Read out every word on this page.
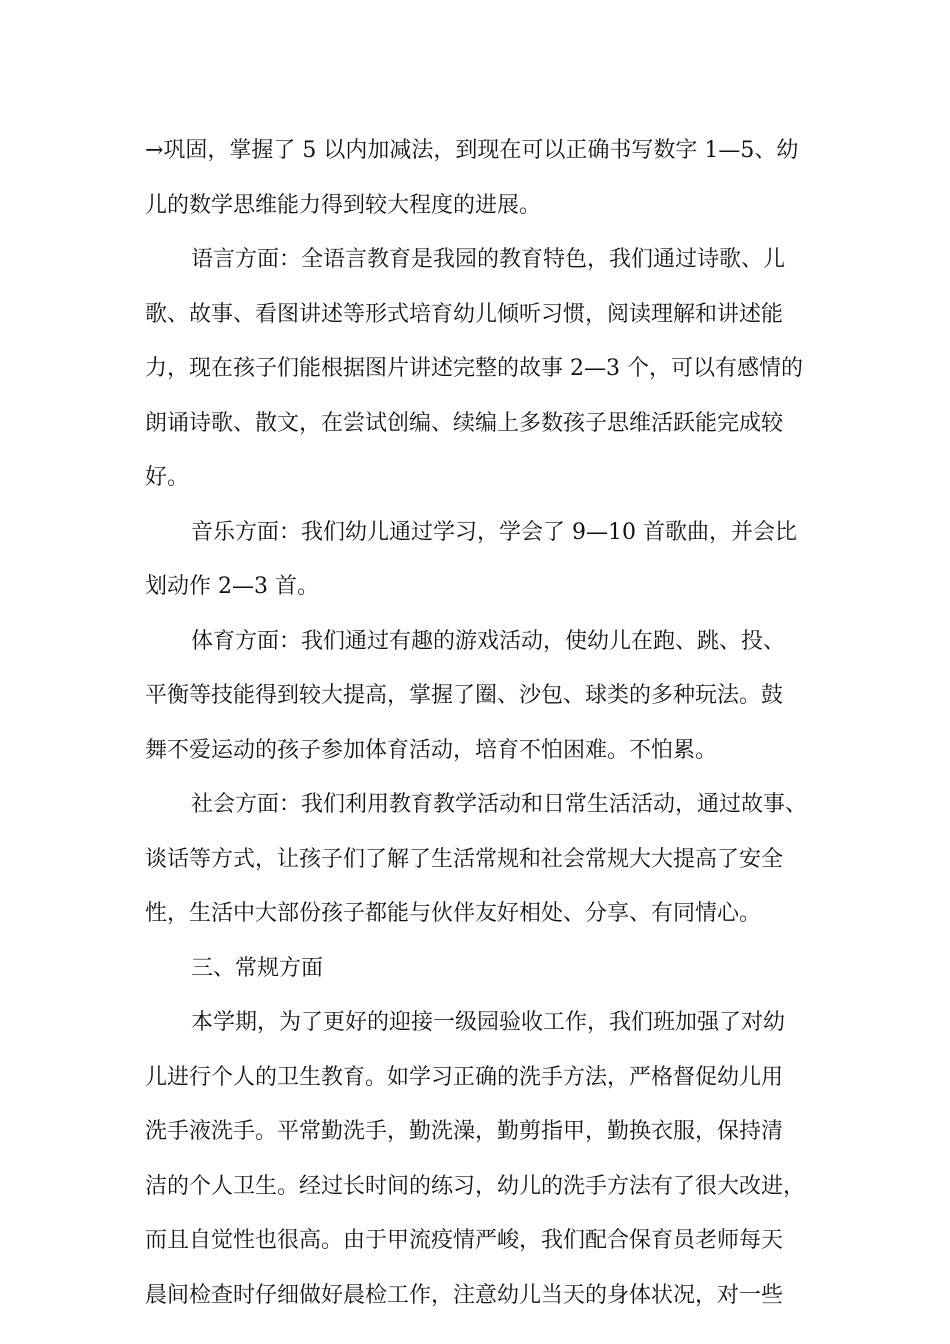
→巩固，掌握了 5 以内加减法，到现在可以正确书写数字 1—5、幼
儿的数学思维能力得到较大程度的进展。
语言方面：全语言教育是我园的教育特色，我们通过诗歌、儿
歌、故事、看图讲述等形式培育幼儿倾听习惯，阅读理解和讲述能
力，现在孩子们能根据图片讲述完整的故事 2—3 个，可以有感情的
朗诵诗歌、散文，在尝试创编、续编上多数孩子思维活跃能完成较
好。
音乐方面：我们幼儿通过学习，学会了 9—10 首歌曲，并会比
划动作 2—3 首。
体育方面：我们通过有趣的游戏活动，使幼儿在跑、跳、投、
平衡等技能得到较大提高，掌握了圈、沙包、球类的多种玩法。鼓
舞不爱运动的孩子参加体育活动，培育不怕困难。不怕累。
社会方面：我们利用教育教学活动和日常生活活动，通过故事、
谈话等方式，让孩子们了解了生活常规和社会常规大大提高了安全
性，生活中大部份孩子都能与伙伴友好相处、分享、有同情心。
三、常规方面
本学期，为了更好的迎接一级园验收工作，我们班加强了对幼
儿进行个人的卫生教育。如学习正确的洗手方法，严格督促幼儿用
洗手液洗手。平常勤洗手，勤洗澡，勤剪指甲，勤换衣服，保持清
洁的个人卫生。经过长时间的练习，幼儿的洗手方法有了很大改进，
而且自觉性也很高。由于甲流疫情严峻，我们配合保育员老师每天
晨间检查时仔细做好晨检工作，注意幼儿当天的身体状况，对一些
